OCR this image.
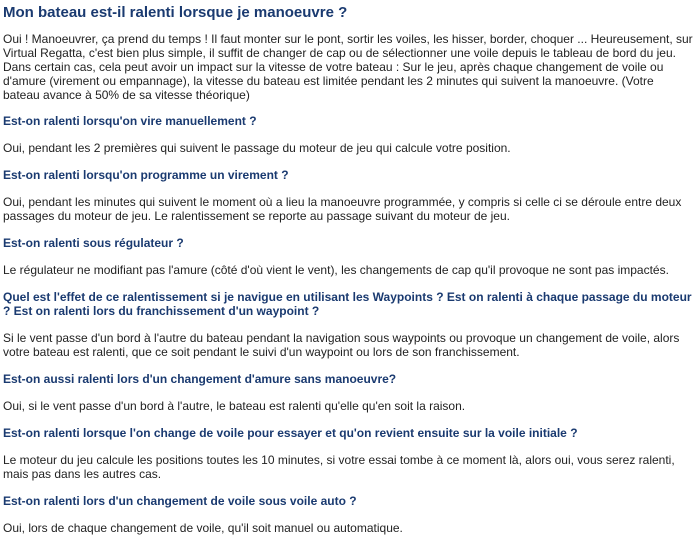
Mon bateau est-il ralenti lorsque je manoeuvre ?

Oui ! Manoeuvrer, ça prend du temps ! Il faut monter sur le pont, sortir les voiles, les hisser, border, choquer ... Heureusement, sur Virtual Regatta, c'est bien plus simple, il suffit de changer de cap ou de sélectionner une voile depuis le tableau de bord du jeu. Dans certain cas, cela peut avoir un impact sur la vitesse de votre bateau : Sur le jeu, après chaque changement de voile ou d'amure (virement ou empannage), la vitesse du bateau est limitée pendant les 2 minutes qui suivent la manoeuvre. (Votre bateau avance à 50% de sa vitesse théorique)

Est-on ralenti lorsqu'on vire manuellement ?

Oui, pendant les 2 premières qui suivent le passage du moteur de jeu qui calcule votre position.

Est-on ralenti lorsqu'on programme un virement ?

Oui, pendant les minutes qui suivent le moment où a lieu la manoeuvre programmée, y compris si celle ci se déroule entre deux passages du moteur de jeu. Le ralentissement se reporte au passage suivant du moteur de jeu.

Est-on ralenti sous régulateur ?

Le régulateur ne modifiant pas l'amure (côté d'où vient le vent), les changements de cap qu'il provoque ne sont pas impactés.

Quel est l'effet de ce ralentissement si je navigue en utilisant les Waypoints ? Est on ralenti à chaque passage du moteur ? Est on ralenti lors du franchissement d'un waypoint ?

Si le vent passe d'un bord à l'autre du bateau pendant la navigation sous waypoints ou provoque un changement de voile, alors votre bateau est ralenti, que ce soit pendant le suivi d'un waypoint ou lors de son franchissement.

Est-on aussi ralenti lors d'un changement d'amure sans manoeuvre?

Oui, si le vent passe d'un bord à l'autre, le bateau est ralenti qu'elle qu'en soit la raison.

Est-on ralenti lorsque l'on change de voile pour essayer et qu'on revient ensuite sur la voile initiale ?

Le moteur du jeu calcule les positions toutes les 10 minutes, si votre essai tombe à ce moment là, alors oui, vous serez ralenti, mais pas dans les autres cas.

Est-on ralenti lors d'un changement de voile sous voile auto ?

Oui, lors de chaque changement de voile, qu'il soit manuel ou automatique.
